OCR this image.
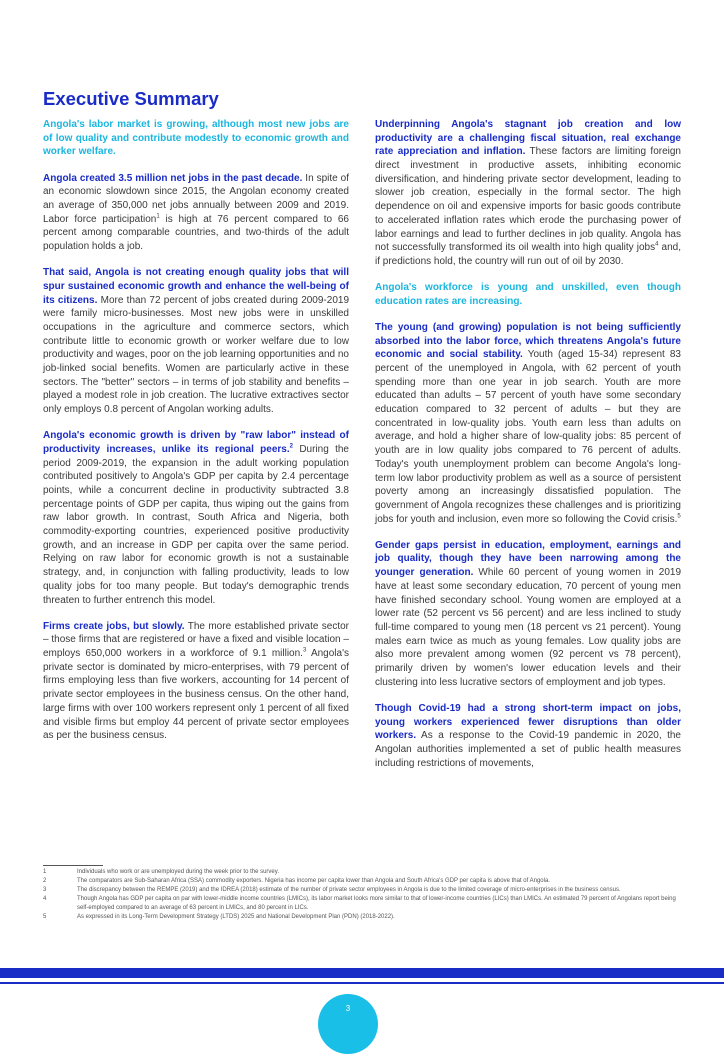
Executive Summary

Angola's labor market is growing, although most new jobs are of low quality and contribute modestly to economic growth and worker welfare.

Angola created 3.5 million net jobs in the past decade. In spite of an economic slowdown since 2015, the Angolan economy created an average of 350,000 net jobs annually between 2009 and 2019. Labor force participation$^1$ is high at 76 percent compared to 66 percent among comparable countries, and two-thirds of the adult population holds a job.

That said, Angola is not creating enough quality jobs that will spur sustained economic growth and enhance the well-being of its citizens. More than 72 percent of jobs created during 2009-2019 were family micro-businesses. Most new jobs were in unskilled occupations in the agriculture and commerce sectors, which contribute little to economic growth or worker welfare due to low productivity and wages, poor on the job learning opportunities and no job-linked social benefits. Women are particularly active in these sectors. The "better" sectors – in terms of job stability and benefits – played a modest role in job creation. The lucrative extractives sector only employs 0.8 percent of Angolan working adults.

Angola's economic growth is driven by "raw labor" instead of productivity increases, unlike its regional peers.$^2$ During the period 2009-2019, the expansion in the adult working population contributed positively to Angola's GDP per capita by 2.4 percentage points, while a concurrent decline in productivity subtracted 3.8 percentage points of GDP per capita, thus wiping out the gains from raw labor growth. In contrast, South Africa and Nigeria, both commodity-exporting countries, experienced positive productivity growth, and an increase in GDP per capita over the same period. Relying on raw labor for economic growth is not a sustainable strategy, and, in conjunction with falling productivity, leads to low quality jobs for too many people. But today's demographic trends threaten to further entrench this model.

Firms create jobs, but slowly. The more established private sector – those firms that are registered or have a fixed and visible location – employs 650,000 workers in a workforce of 9.1 million.$^3$ Angola's private sector is dominated by micro-enterprises, with 79 percent of firms employing less than five workers, accounting for 14 percent of private sector employees in the business census. On the other hand, large firms with over 100 workers represent only 1 percent of all fixed and visible firms but employ 44 percent of private sector employees as per the business census.

Underpinning Angola's stagnant job creation and low productivity are a challenging fiscal situation, real exchange rate appreciation and inflation. These factors are limiting foreign direct investment in productive assets, inhibiting economic diversification, and hindering private sector development, leading to slower job creation, especially in the formal sector. The high dependence on oil and expensive imports for basic goods contribute to accelerated inflation rates which erode the purchasing power of labor earnings and lead to further declines in job quality. Angola has not successfully transformed its oil wealth into high quality jobs$^4$ and, if predictions hold, the country will run out of oil by 2030.

Angola's workforce is young and unskilled, even though education rates are increasing.

The young (and growing) population is not being sufficiently absorbed into the labor force, which threatens Angola's future economic and social stability. Youth (aged 15-34) represent 83 percent of the unemployed in Angola, with 62 percent of youth spending more than one year in job search. Youth are more educated than adults – 57 percent of youth have some secondary education compared to 32 percent of adults – but they are concentrated in low-quality jobs. Youth earn less than adults on average, and hold a higher share of low-quality jobs: 85 percent of youth are in low quality jobs compared to 76 percent of adults. Today's youth unemployment problem can become Angola's long-term low labor productivity problem as well as a source of persistent poverty among an increasingly dissatisfied population. The government of Angola recognizes these challenges and is prioritizing jobs for youth and inclusion, even more so following the Covid crisis.$^5$

Gender gaps persist in education, employment, earnings and job quality, though they have been narrowing among the younger generation. While 60 percent of young women in 2019 have at least some secondary education, 70 percent of young men have finished secondary school. Young women are employed at a lower rate (52 percent vs 56 percent) and are less inclined to study full-time compared to young men (18 percent vs 21 percent). Young males earn twice as much as young females. Low quality jobs are also more prevalent among women (92 percent vs 78 percent), primarily driven by women's lower education levels and their clustering into less lucrative sectors of employment and job types.

Though Covid-19 had a strong short-term impact on jobs, young workers experienced fewer disruptions than older workers. As a response to the Covid-19 pandemic in 2020, the Angolan authorities implemented a set of public health measures including restrictions of movements,

1	Individuals who work or are unemployed during the week prior to the survey.
2	The comparators are Sub-Saharan Africa (SSA) commodity exporters. Nigeria has income per capita lower than Angola and South Africa's GDP per capita is above that of Angola.
3	The discrepancy between the REMPE (2019) and the IDREA (2018) estimate of the number of private sector employees in Angola is due to the limited coverage of micro-enterprises in the business census.
4	Though Angola has GDP per capita on par with lower-middle income countries (LMICs), its labor market looks more similar to that of lower-income countries (LICs) than LMICs. An estimated 79 percent of Angolans report being self-employed compared to an average of 63 percent in LMICs, and 80 percent in LICs.
5	As expressed in its Long-Term Development Strategy (LTDS) 2025 and National Development Plan (PDN) (2018-2022).
3
